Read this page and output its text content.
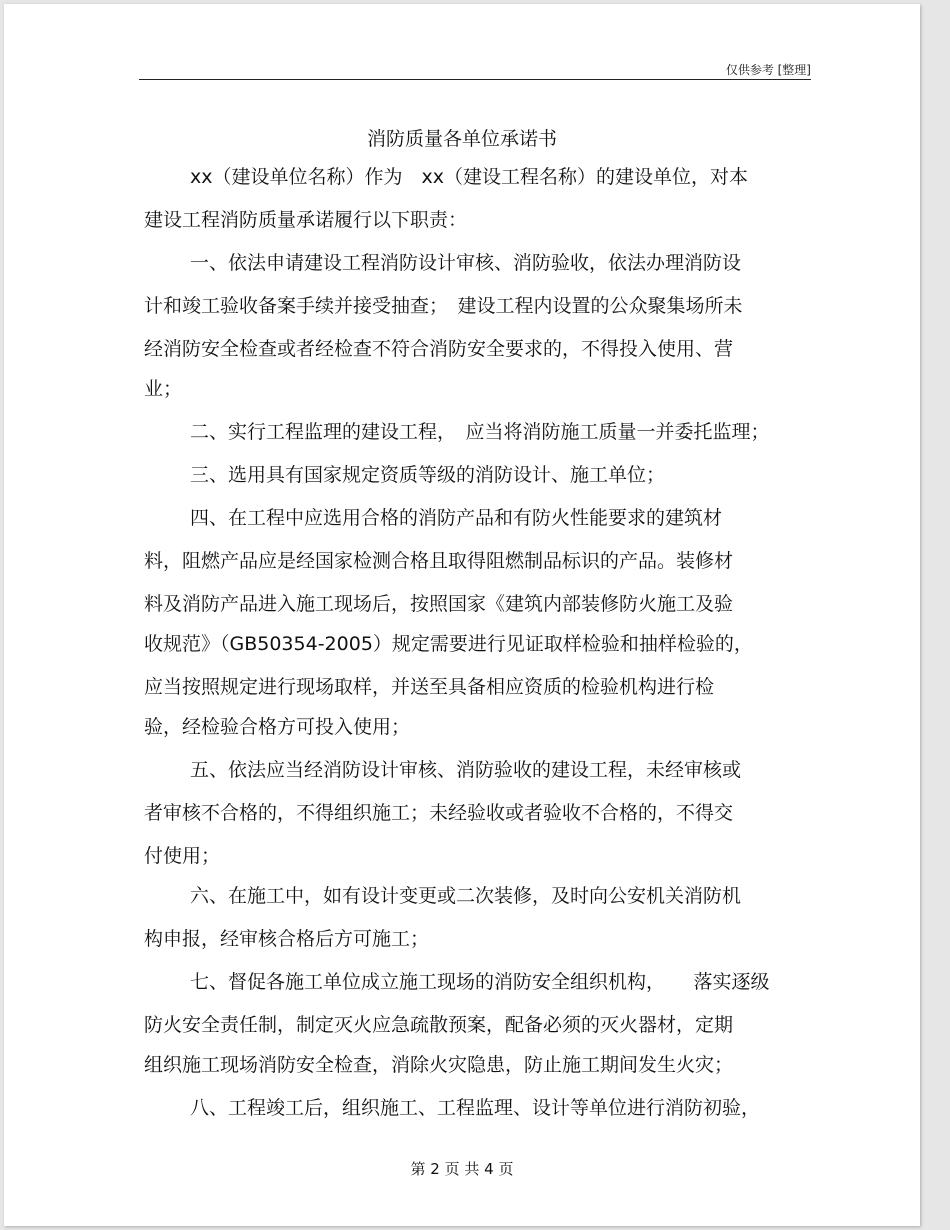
仅供参考 [整理]
消防质量各单位承诺书
xx（建设单位名称）作为　xx（建设工程名称）的建设单位，对本
建设工程消防质量承诺履行以下职责：
一、依法申请建设工程消防设计审核、消防验收，依法办理消防设
计和竣工验收备案手续并接受抽查；　建设工程内设置的公众聚集场所未
经消防安全检查或者经检查不符合消防安全要求的，不得投入使用、营
业；
二、实行工程监理的建设工程，　应当将消防施工质量一并委托监理；
三、选用具有国家规定资质等级的消防设计、施工单位；
四、在工程中应选用合格的消防产品和有防火性能要求的建筑材
料，阻燃产品应是经国家检测合格且取得阻燃制品标识的产品。装修材
料及消防产品进入施工现场后，按照国家《建筑内部装修防火施工及验
收规范》（GB50354-2005）规定需要进行见证取样检验和抽样检验的，
应当按照规定进行现场取样，并送至具备相应资质的检验机构进行检
验，经检验合格方可投入使用；
五、依法应当经消防设计审核、消防验收的建设工程，未经审核或
者审核不合格的，不得组织施工；未经验收或者验收不合格的，不得交
付使用；
六、在施工中，如有设计变更或二次装修，及时向公安机关消防机
构申报，经审核合格后方可施工；
七、督促各施工单位成立施工现场的消防安全组织机构，　　落实逐级
防火安全责任制，制定灭火应急疏散预案，配备必须的灭火器材，定期
组织施工现场消防安全检查，消除火灾隐患，防止施工期间发生火灾；
八、工程竣工后，组织施工、工程监理、设计等单位进行消防初验，
第 2 页 共 4 页
